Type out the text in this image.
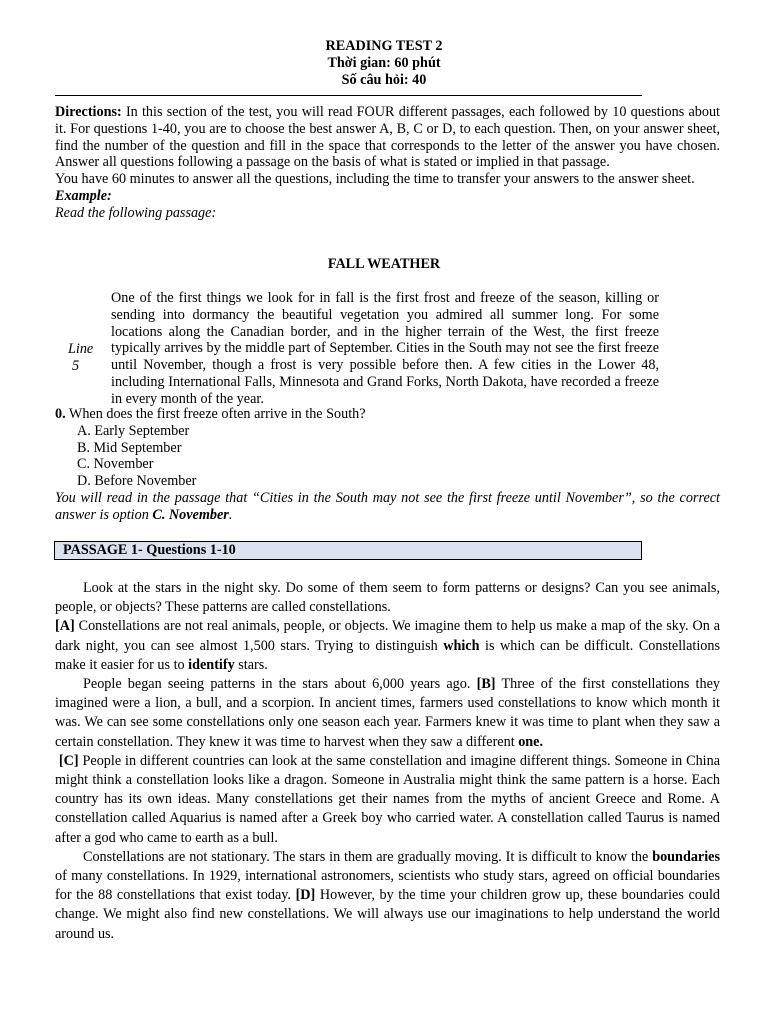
READING TEST 2
Thời gian: 60 phút
Số câu hỏi: 40

Directions: In this section of the test, you will read FOUR different passages, each followed by 10 questions about it. For questions 1-40, you are to choose the best answer A, B, C or D, to each question. Then, on your answer sheet, find the number of the question and fill in the space that corresponds to the letter of the answer you have chosen. Answer all questions following a passage on the basis of what is stated or implied in that passage.

You have 60 minutes to answer all the questions, including the time to transfer your answers to the answer sheet.

Example:

Read the following passage:

FALL WEATHER
One of the first things we look for in fall is the first frost and freeze of the season, killing or sending into dormancy the beautiful vegetation you admired all summer long. For some locations along the Canadian border, and in the higher terrain of the West, the first freeze typically arrives by the middle part of September. Cities in the South may not see the first freeze until November, though a frost is very possible before then. A few cities in the Lower 48, including International Falls, Minnesota and Grand Forks, North Dakota, have recorded a freeze in every month of the year.
Line
5
0. When does the first freeze often arrive in the South?
A. Early September
B. Mid September
C. November
D. Before November
You will read in the passage that “Cities in the South may not see the first freeze until November”, so the correct answer is option C. November.
PASSAGE 1- Questions 1-10

Look at the stars in the night sky. Do some of them seem to form patterns or designs? Can you see animals, people, or objects? These patterns are called constellations.

[A] Constellations are not real animals, people, or objects. We imagine them to help us make a map of the sky. On a dark night, you can see almost 1,500 stars. Trying to distinguish which is which can be difficult. Constellations make it easier for us to identify stars.

People began seeing patterns in the stars about 6,000 years ago. [B] Three of the first constellations they imagined were a lion, a bull, and a scorpion. In ancient times, farmers used constellations to know which month it was. We can see some constellations only one season each year. Farmers knew it was time to plant when they saw a certain constellation. They knew it was time to harvest when they saw a different one.

[C] People in different countries can look at the same constellation and imagine different things. Someone in China might think a constellation looks like a dragon. Someone in Australia might think the same pattern is a horse. Each country has its own ideas. Many constellations get their names from the myths of ancient Greece and Rome. A constellation called Aquarius is named after a Greek boy who carried water. A constellation called Taurus is named after a god who came to earth as a bull.

Constellations are not stationary. The stars in them are gradually moving. It is difficult to know the boundaries of many constellations. In 1929, international astronomers, scientists who study stars, agreed on official boundaries for the 88 constellations that exist today. [D] However, by the time your children grow up, these boundaries could change. We might also find new constellations. We will always use our imaginations to help understand the world around us.
